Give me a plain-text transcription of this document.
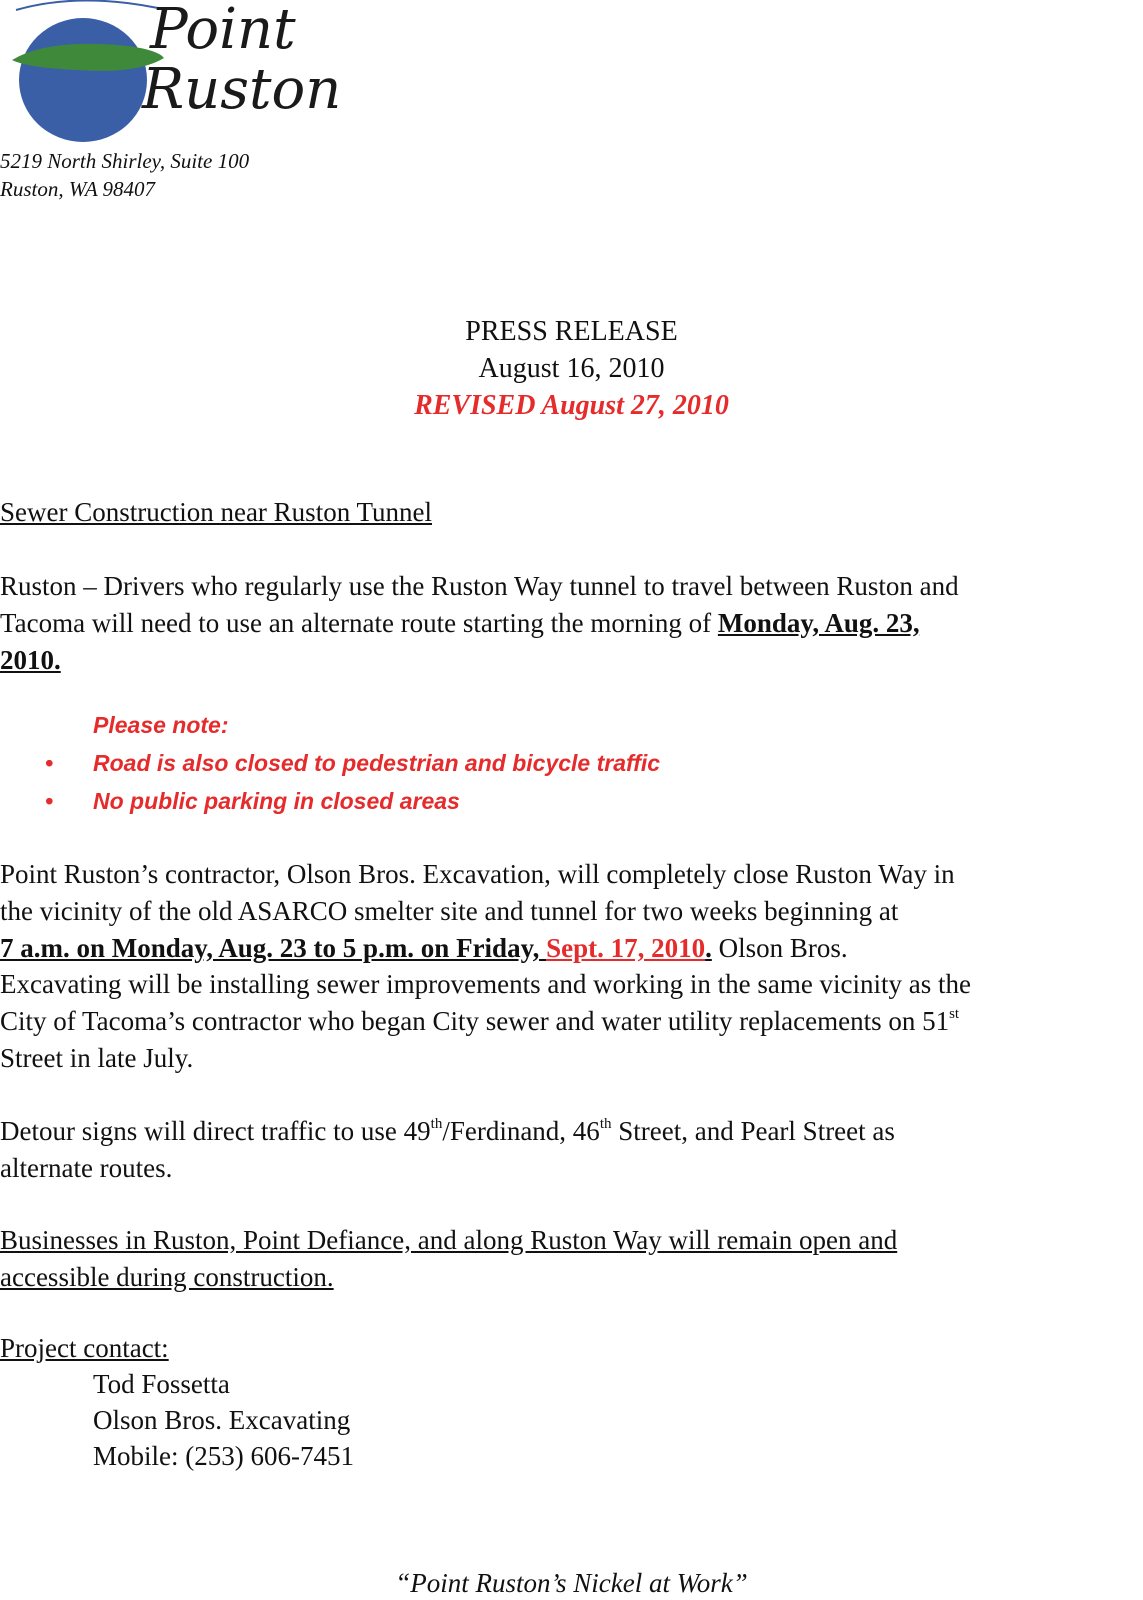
Point
Ruston
5219 North Shirley, Suite 100
Ruston, WA 98407
PRESS RELEASE
August 16, 2010
REVISED August 27, 2010
Sewer Construction near Ruston Tunnel
Ruston – Drivers who regularly use the Ruston Way tunnel to travel between Ruston and
Tacoma will need to use an alternate route starting the morning of Monday, Aug. 23,
2010.
Please note:
• Road is also closed to pedestrian and bicycle traffic
• No public parking in closed areas
Point Ruston’s contractor, Olson Bros. Excavation, will completely close Ruston Way in
the vicinity of the old ASARCO smelter site and tunnel for two weeks beginning at
7 a.m. on Monday, Aug. 23 to 5 p.m. on Friday, Sept. 17, 2010. Olson Bros.
Excavating will be installing sewer improvements and working in the same vicinity as the
City of Tacoma’s contractor who began City sewer and water utility replacements on 51st
Street in late July.
Detour signs will direct traffic to use 49th/Ferdinand, 46th Street, and Pearl Street as
alternate routes.
Businesses in Ruston, Point Defiance, and along Ruston Way will remain open and
accessible during construction.
Project contact:
Tod Fossetta
Olson Bros. Excavating
Mobile: (253) 606-7451
“Point Ruston’s Nickel at Work”
